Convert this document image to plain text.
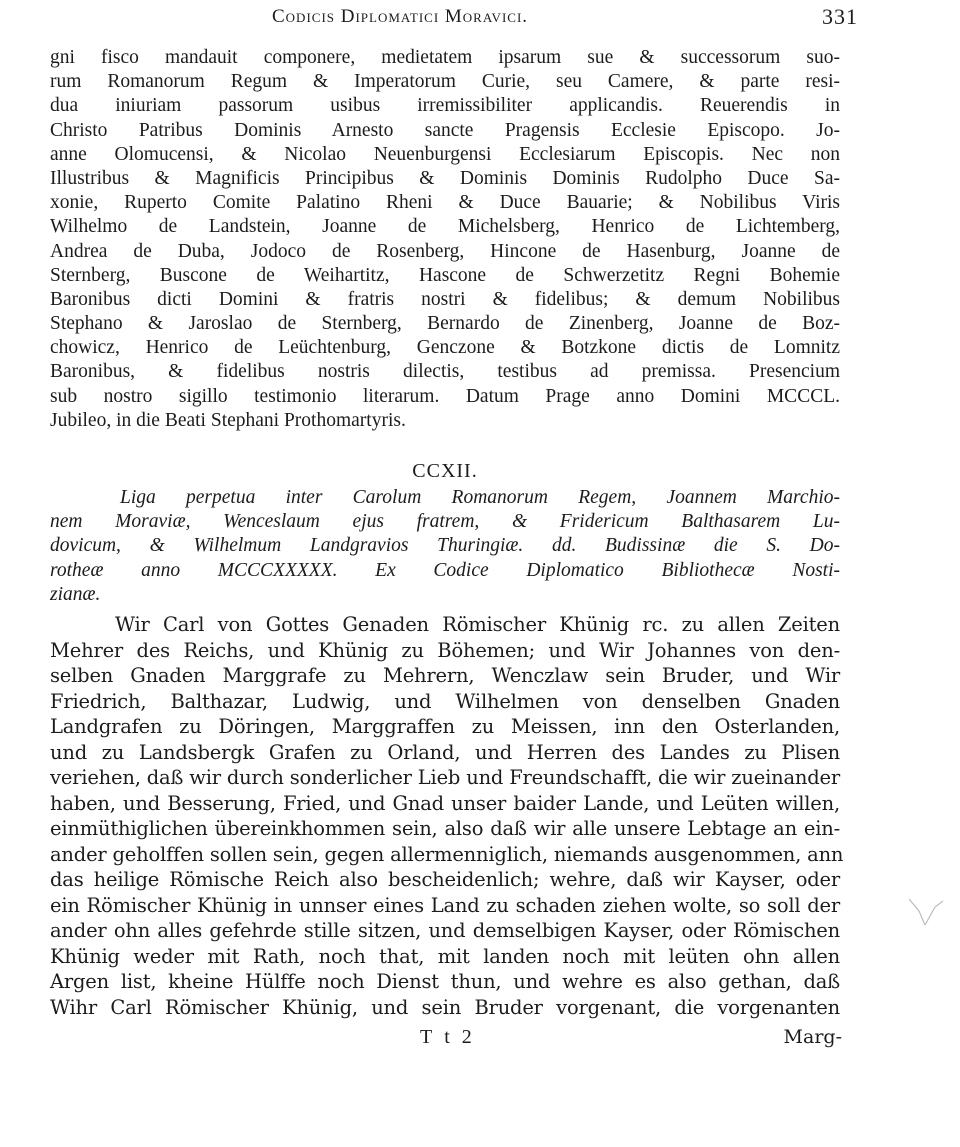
Codicis Diplomatici Moravici.	331
gni fisco mandauit componere, medietatem ipsarum sue & successorum suo-
rum Romanorum Regum & Imperatorum Curie, seu Camere, & parte resi-
dua iniuriam passorum usibus irremissibiliter applicandis. Reuerendis in
Christo Patribus Dominis Arnesto sancte Pragensis Ecclesie Episcopo. Jo-
anne Olomucensi, & Nicolao Neuenburgensi Ecclesiarum Episcopis. Nec non
Illustribus & Magnificis Principibus & Dominis Dominis Rudolpho Duce Sa-
xonie, Ruperto Comite Palatino Rheni & Duce Bauarie; & Nobilibus Viris
Wilhelmo de Landstein, Joanne de Michelsberg, Henrico de Lichtemberg,
Andrea de Duba, Jodoco de Rosenberg, Hincone de Hasenburg, Joanne de
Sternberg, Buscone de Weihartitz, Hascone de Schwerzetitz Regni Bohemie
Baronibus dicti Domini & fratris nostri & fidelibus; & demum Nobilibus
Stephano & Jaroslao de Sternberg, Bernardo de Zinenberg, Joanne de Boz-
chowicz, Henrico de Leüchtenburg, Genczone & Botzkone dictis de Lomnitz
Baronibus, & fidelibus nostris dilectis, testibus ad premissa. Presencium
sub nostro sigillo testimonio literarum. Datum Prage anno Domini MCCCL.
Jubileo, in die Beati Stephani Prothomartyris.
CCXII.
Liga perpetua inter Carolum Romanorum Regem, Joannem Marchio-
nem Moraviæ, Wenceslaum ejus fratrem, & Fridericum Balthasarem Lu-
dovicum, & Wilhelmum Landgravios Thuringiæ. dd. Budissinæ die S. Do-
rotheæ anno MCCCXXXXX. Ex Codice Diplomatico Bibliothecæ Nosti-
zianæ.
Wir Carl von Gottes Genaden Römischer Khünig rc. zu allen Zeiten
Mehrer des Reichs, und Khünig zu Böhemen; und Wir Johannes von den-
selben Gnaden Marggrafe zu Mehrern, Wenczlaw sein Bruder, und Wir
Friedrich, Balthazar, Ludwig, und Wilhelmen von denselben Gnaden
Landgrafen zu Döringen, Marggraffen zu Meissen, inn den Osterlanden,
und zu Landsbergk Grafen zu Orland, und Herren des Landes zu Plisen
veriehen, daß wir durch sonderlicher Lieb und Freundschafft, die wir zueinander
haben, und Besserung, Fried, und Gnad unser baider Lande, und Leüten willen,
einmüthiglichen übereinkhommen sein, also daß wir alle unsere Lebtage an ein-
ander geholffen sollen sein, gegen allermenniglich, niemands ausgenommen, ann
das heilige Römische Reich also bescheidenlich; wehre, daß wir Kayser, oder
ein Römischer Khünig in unnser eines Land zu schaden ziehen wolte, so soll der
ander ohn alles gefehrde stille sitzen, und demselbigen Kayser, oder Römischen
Khünig weder mit Rath, noch that, mit landen noch mit leüten ohn allen
Argen list, kheine Hülffe noch Dienst thun, und wehre es also gethan, daß
Wihr Carl Römischer Khünig, und sein Bruder vorgenant, die vorgenanten
Tt2	Marg-
